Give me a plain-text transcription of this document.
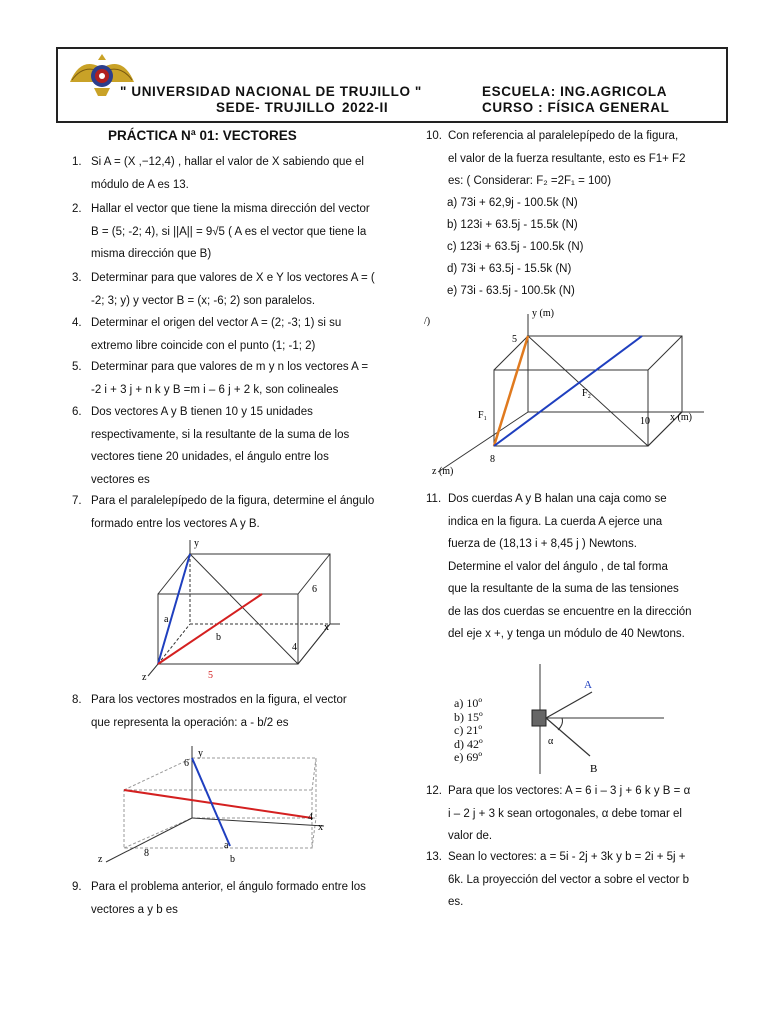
" UNIVERSIDAD NACIONAL DE TRUJILLO "
SEDE- TRUJILLO 2022-II
ESCUELA: ING.AGRICOLA
CURSO : FÍSICA GENERAL
PRÁCTICA Nª 01: VECTORES
1. Si A = (X ,−12,4) , hallar el valor de X sabiendo que el
módulo de A es 13.
2. Hallar el vector que tiene la misma dirección del vector
B = (5; -2; 4), si ||A|| = 9√5 ( A es el vector que tiene la
misma dirección que B)
3. Determinar para que valores de X e Y los vectores A = (
-2; 3; y) y vector B = (x; -6; 2) son paralelos.
4. Determinar el origen del vector A = (2; -3; 1) si su
extremo libre coincide con el punto (1; -1; 2)
5. Determinar para que valores de m y n los vectores A =
-2 i + 3 j + n k y B =m i – 6 j + 2 k, son colineales
6. Dos vectores A y B tienen 10 y 15 unidades
respectivamente, si la resultante de la suma de los
vectores tiene 20 unidades, el ángulo entre los
vectores es
7. Para el paralelepípedo de la figura, determine el ángulo
formado entre los vectores A y B.
y
x
z
a
b
6
4
5
8. Para los vectores mostrados en la figura, el vector
que representa la operación: a - b/2 es
y
x
z
6
4
8
a
b
9. Para el problema anterior, el ángulo formado entre los
vectores a y b es
10. Con referencia al paralelepípedo de la figura,
el valor de la fuerza resultante, esto es F1+ F2
es: ( Considerar: F₂ =2F₁ = 100)
a) 73i + 62,9j - 100.5k (N)
b) 123i + 63.5j - 15.5k (N)
c) 123i + 63.5j - 100.5k (N)
d) 73i + 63.5j - 15.5k (N)
e) 73i - 63.5j - 100.5k (N)
y (m)
x (m)
z (m)
F₁
F₂
5
10
8
/)
11. Dos cuerdas A y B halan una caja como se
indica en la figura. La cuerda A ejerce una
fuerza de (18,13 i + 8,45 j ) Newtons.
Determine el valor del ángulo , de tal forma
que la resultante de la suma de las tensiones
de las dos cuerdas se encuentre en la dirección
del eje x +, y tenga un módulo de 40 Newtons.
a) 10º
b) 15º
c) 21º
d) 42º
e) 69º
A
B
α
12. Para que los vectores: A = 6 i – 3 j + 6 k y B = α
i – 2 j + 3 k sean ortogonales, α debe tomar el
valor de.
13. Sean lo vectores: a = 5i - 2j + 3k y b = 2i + 5j +
6k. La proyección del vector a sobre el vector b
es.
